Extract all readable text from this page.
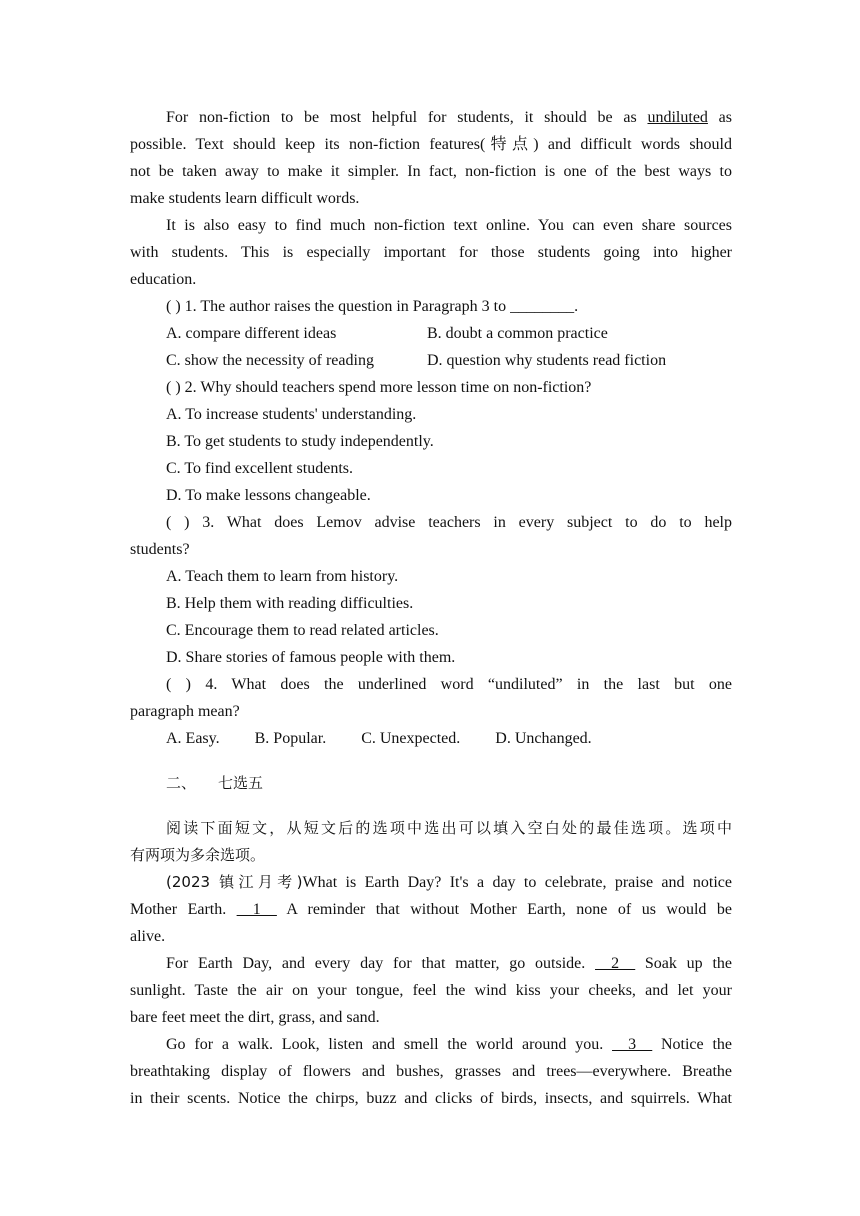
For non-fiction to be most helpful for students, it should be as undiluted as
possible. Text should keep its non-fiction features(特点) and difficult words should
not be taken away to make it simpler. In fact, non-fiction is one of the best ways to
make students learn difficult words.
It is also easy to find much non-fiction text online. You can even share sources
with students. This is especially important for those students going into higher
education.
( ) 1. The author raises the question in Paragraph 3 to ________.
A. compare different ideas	B. doubt a common practice
C. show the necessity of reading	D. question why students read fiction
( ) 2. Why should teachers spend more lesson time on non-fiction?
A. To increase students' understanding.
B. To get students to study independently.
C. To find excellent students.
D. To make lessons changeable.
( ) 3. What does Lemov advise teachers in every subject to do to help
students?
A. Teach them to learn from history.
B. Help them with reading difficulties.
C. Encourage them to read related articles.
D. Share stories of famous people with them.
( ) 4. What does the underlined word “undiluted” in the last but one
paragraph mean?
A. Easy. B. Popular. C. Unexpected. D. Unchanged.
二、 七选五
阅读下面短文，从短文后的选项中选出可以填入空白处的最佳选项。选项中
有两项为多余选项。
(2023 镇江月考)What is Earth Day? It's a day to celebrate, praise and notice
Mother Earth. __1__ A reminder that without Mother Earth, none of us would be
alive.
For Earth Day, and every day for that matter, go outside. __2__ Soak up the
sunlight. Taste the air on your tongue, feel the wind kiss your cheeks, and let your
bare feet meet the dirt, grass, and sand.
Go for a walk. Look, listen and smell the world around you. __3__ Notice the
breathtaking display of flowers and bushes, grasses and trees—everywhere. Breathe
in their scents. Notice the chirps, buzz and clicks of birds, insects, and squirrels. What
